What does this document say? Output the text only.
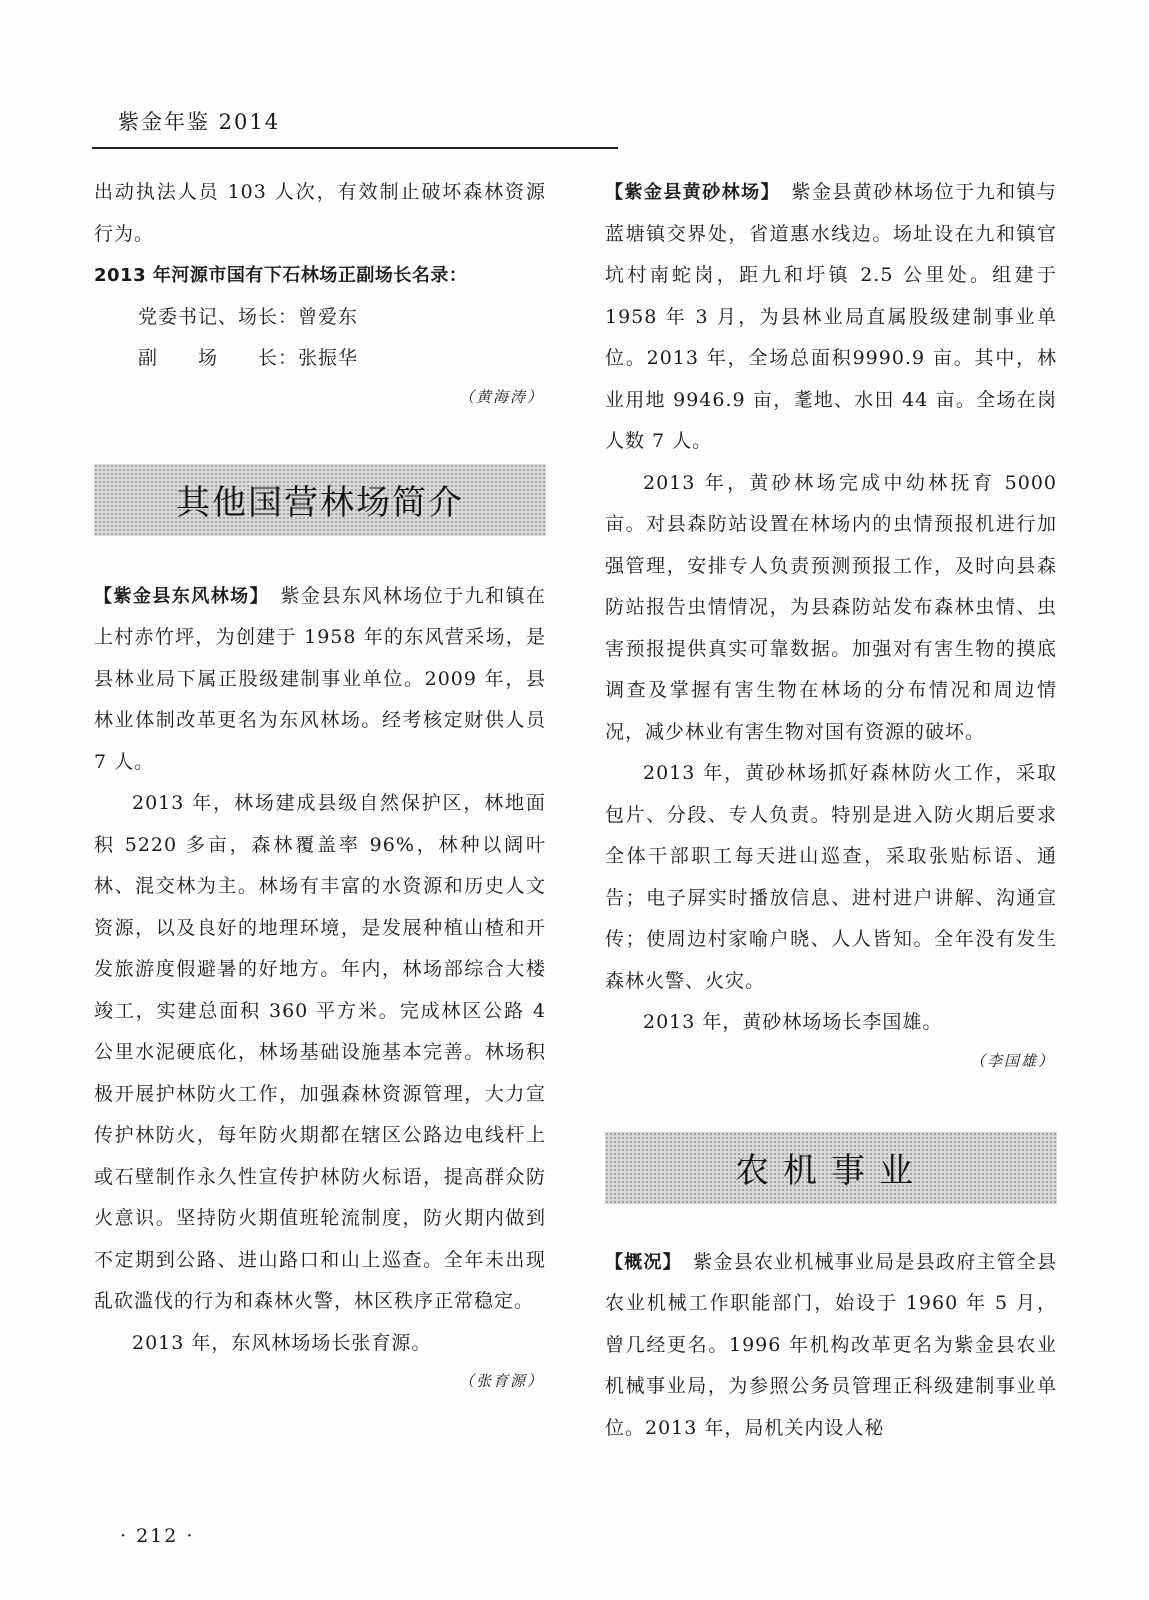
紫金年鉴 2014

出动执法人员 103 人次，有效制止破坏森林资源行为。

2013 年河源市国有下石林场正副场长名录：

党委书记、场长：曾爱东

副　　场　　长：张振华

（黄海涛）
其他国营林场简介

【紫金县东风林场】　 紫金县东风林场位于九和镇在上村赤竹坪，为创建于 1958 年的东风营采场，是县林业局下属正股级建制事业单位。2009 年，县林业体制改革更名为东风林场。经考核定财供人员 7 人。

2013 年，林场建成县级自然保护区，林地面积 5220 多亩，森林覆盖率 96%，林种以阔叶林、混交林为主。林场有丰富的水资源和历史人文资源，以及良好的地理环境，是发展种植山楂和开发旅游度假避暑的好地方。年内，林场部综合大楼竣工，实建总面积 360 平方米。完成林区公路 4 公里水泥硬底化，林场基础设施基本完善。林场积极开展护林防火工作，加强森林资源管理，大力宣传护林防火，每年防火期都在辖区公路边电线杆上或石壁制作永久性宣传护林防火标语，提高群众防火意识。坚持防火期值班轮流制度，防火期内做到不定期到公路、进山路口和山上巡查。全年未出现乱砍滥伐的行为和森林火警，林区秩序正常稳定。

2013 年，东风林场场长张育源。

（张育源）

【紫金县黄砂林场】　 紫金县黄砂林场位于九和镇与蓝塘镇交界处，省道惠水线边。场址设在九和镇官坑村南蛇岗，距九和圩镇 2.5 公里处。组建于 1958 年 3 月，为县林业局直属股级建制事业单位。2013 年，全场总面积9990.9 亩。其中，林业用地 9946.9 亩，耄地、水田 44 亩。全场在岗人数 7 人。

2013 年，黄砂林场完成中幼林抚育 5000 亩。对县森防站设置在林场内的虫情预报机进行加强管理，安排专人负责预测预报工作，及时向县森防站报告虫情情况，为县森防站发布森林虫情、虫害预报提供真实可靠数据。加强对有害生物的摸底调查及掌握有害生物在林场的分布情况和周边情况，减少林业有害生物对国有资源的破坏。

2013 年，黄砂林场抓好森林防火工作，采取包片、分段、专人负责。特别是进入防火期后要求全体干部职工每天进山巡查，采取张贴标语、通告；电子屏实时播放信息、进村进户讲解、沟通宣传；使周边村家喻户晓、人人皆知。全年没有发生森林火警、火灾。

2013 年，黄砂林场场长李国雄。

（李国雄）
农机事业

【概况】　 紫金县农业机械事业局是县政府主管全县农业机械工作职能部门，始设于 1960 年 5 月，曾几经更名。1996 年机构改革更名为紫金县农业机械事业局，为参照公务员管理正科级建制事业单位。2013 年，局机关内设人秘

· 212 ·
